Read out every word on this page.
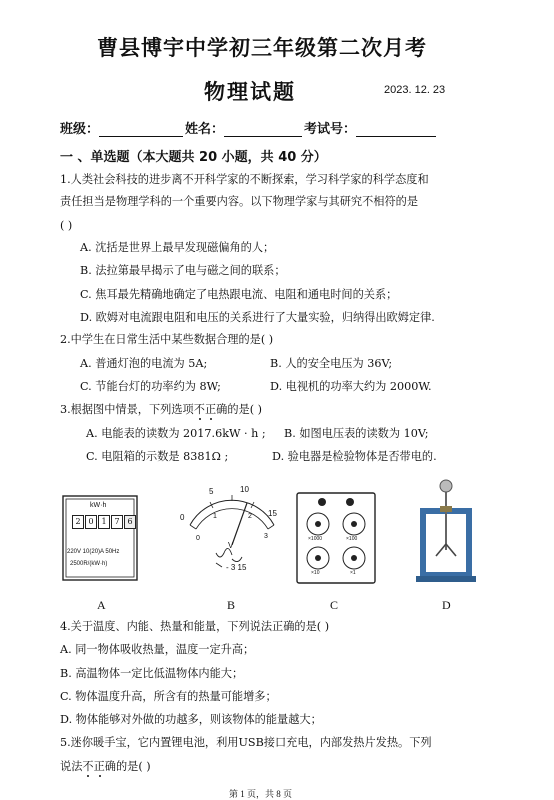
曹县博宇中学初三年级第二次月考
物理试题	2023. 12. 23
班级：	姓名：	考试号：
一 、单选题（本大题共 20 小题，共 40 分）
1.人类社会科技的进步离不开科学家的不断探索，学习科学家的科学态度和
责任担当是物理学科的一个重要内容。以下物理学家与其研究不相符的是
( )
A. 沈括是世界上最早发现磁偏角的人；
B. 法拉第最早揭示了电与磁之间的联系；
C. 焦耳最先精确地确定了电热跟电流、电阻和通电时间的关系；
D. 欧姆对电流跟电阻和电压的关系进行了大量实验，归纳得出欧姆定律.
2.中学生在日常生活中某些数据合理的是( )
A. 普通灯泡的电流为 5A;	B. 人的安全电压为 36V;
C. 节能台灯的功率约为 8W;	D. 电视机的功率大约为 2000W.
3.根据图中情景，下列选项不正确的是( )
A. 电能表的读数为 2017.6kW · h ; B. 如图电压表的读数为 10V;
C. 电阻箱的示数是 8381Ω ;	D. 验电器是检验物体是否带电的.
kW·h
2 0 1 7 6
220V 10(20)A 50Hz
2500R/(kW·h)
0
5	10
15
0
1	2
3
V
- 3 15
×1000	×100
×10	×1
A	B	C	D
4.关于温度、内能、热量和能量，下列说法正确的是( )
A. 同一物体吸收热量，温度一定升高；
B. 高温物体一定比低温物体内能大；
C. 物体温度升高，所含有的热量可能增多；
D. 物体能够对外做的功越多，则该物体的能量越大；
5.迷你暖手宝，它内置锂电池，利用USB接口充电，内部发热片发热。下列
说法不正确的是( )
第 1 页，共 8 页
